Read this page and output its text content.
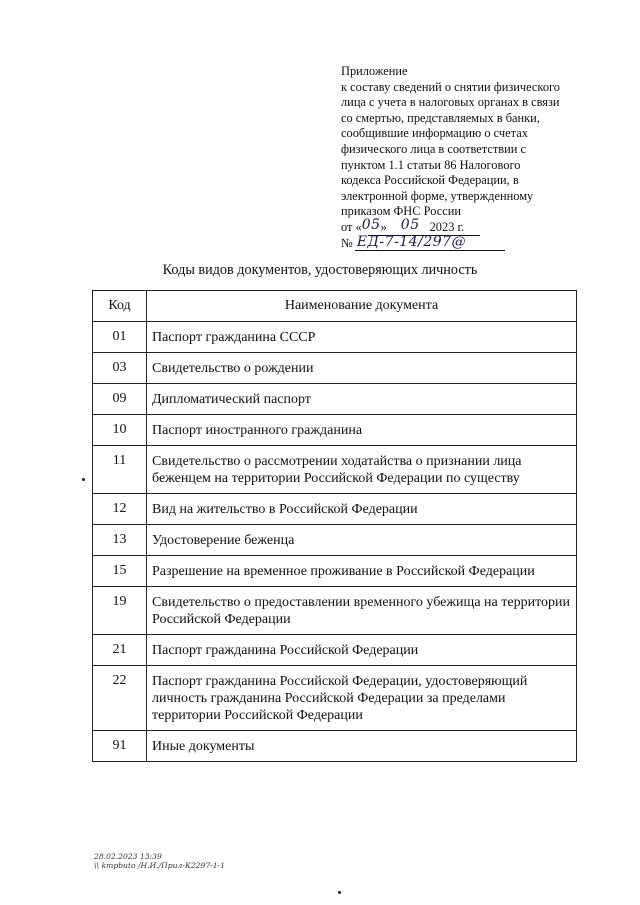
Приложение
к составу сведений о снятии физического
лица с учета в налоговых органах в связи
со смертью, представляемых в банки,
сообщившие информацию о счетах
физического лица в соответствии с
пунктом 1.1 статьи 86 Налогового
кодекса Российской Федерации, в
электронной форме, утвержденному
приказом ФНС России
от «05» 05 2023 г.
№ ЕД-7-14/297@
Коды видов документов, удостоверяющих личность
Код	Наименование документа
01	Паспорт гражданина СССР
03	Свидетельство о рождении
09	Дипломатический паспорт
10	Паспорт иностранного гражданина
11	Свидетельство о рассмотрении ходатайства о признании лица беженцем на территории Российской Федерации по существу
12	Вид на жительство в Российской Федерации
13	Удостоверение беженца
15	Разрешение на временное проживание в Российской Федерации
19	Свидетельство о предоставлении временного убежища на территории Российской Федерации
21	Паспорт гражданина Российской Федерации
22	Паспорт гражданина Российской Федерации, удостоверяющий личность гражданина Российской Федерации за пределами территории Российской Федерации
91	Иные документы
28.02.2023 13:39
\\ kmpbuto /Н.И./Прил-К2297-1-1
